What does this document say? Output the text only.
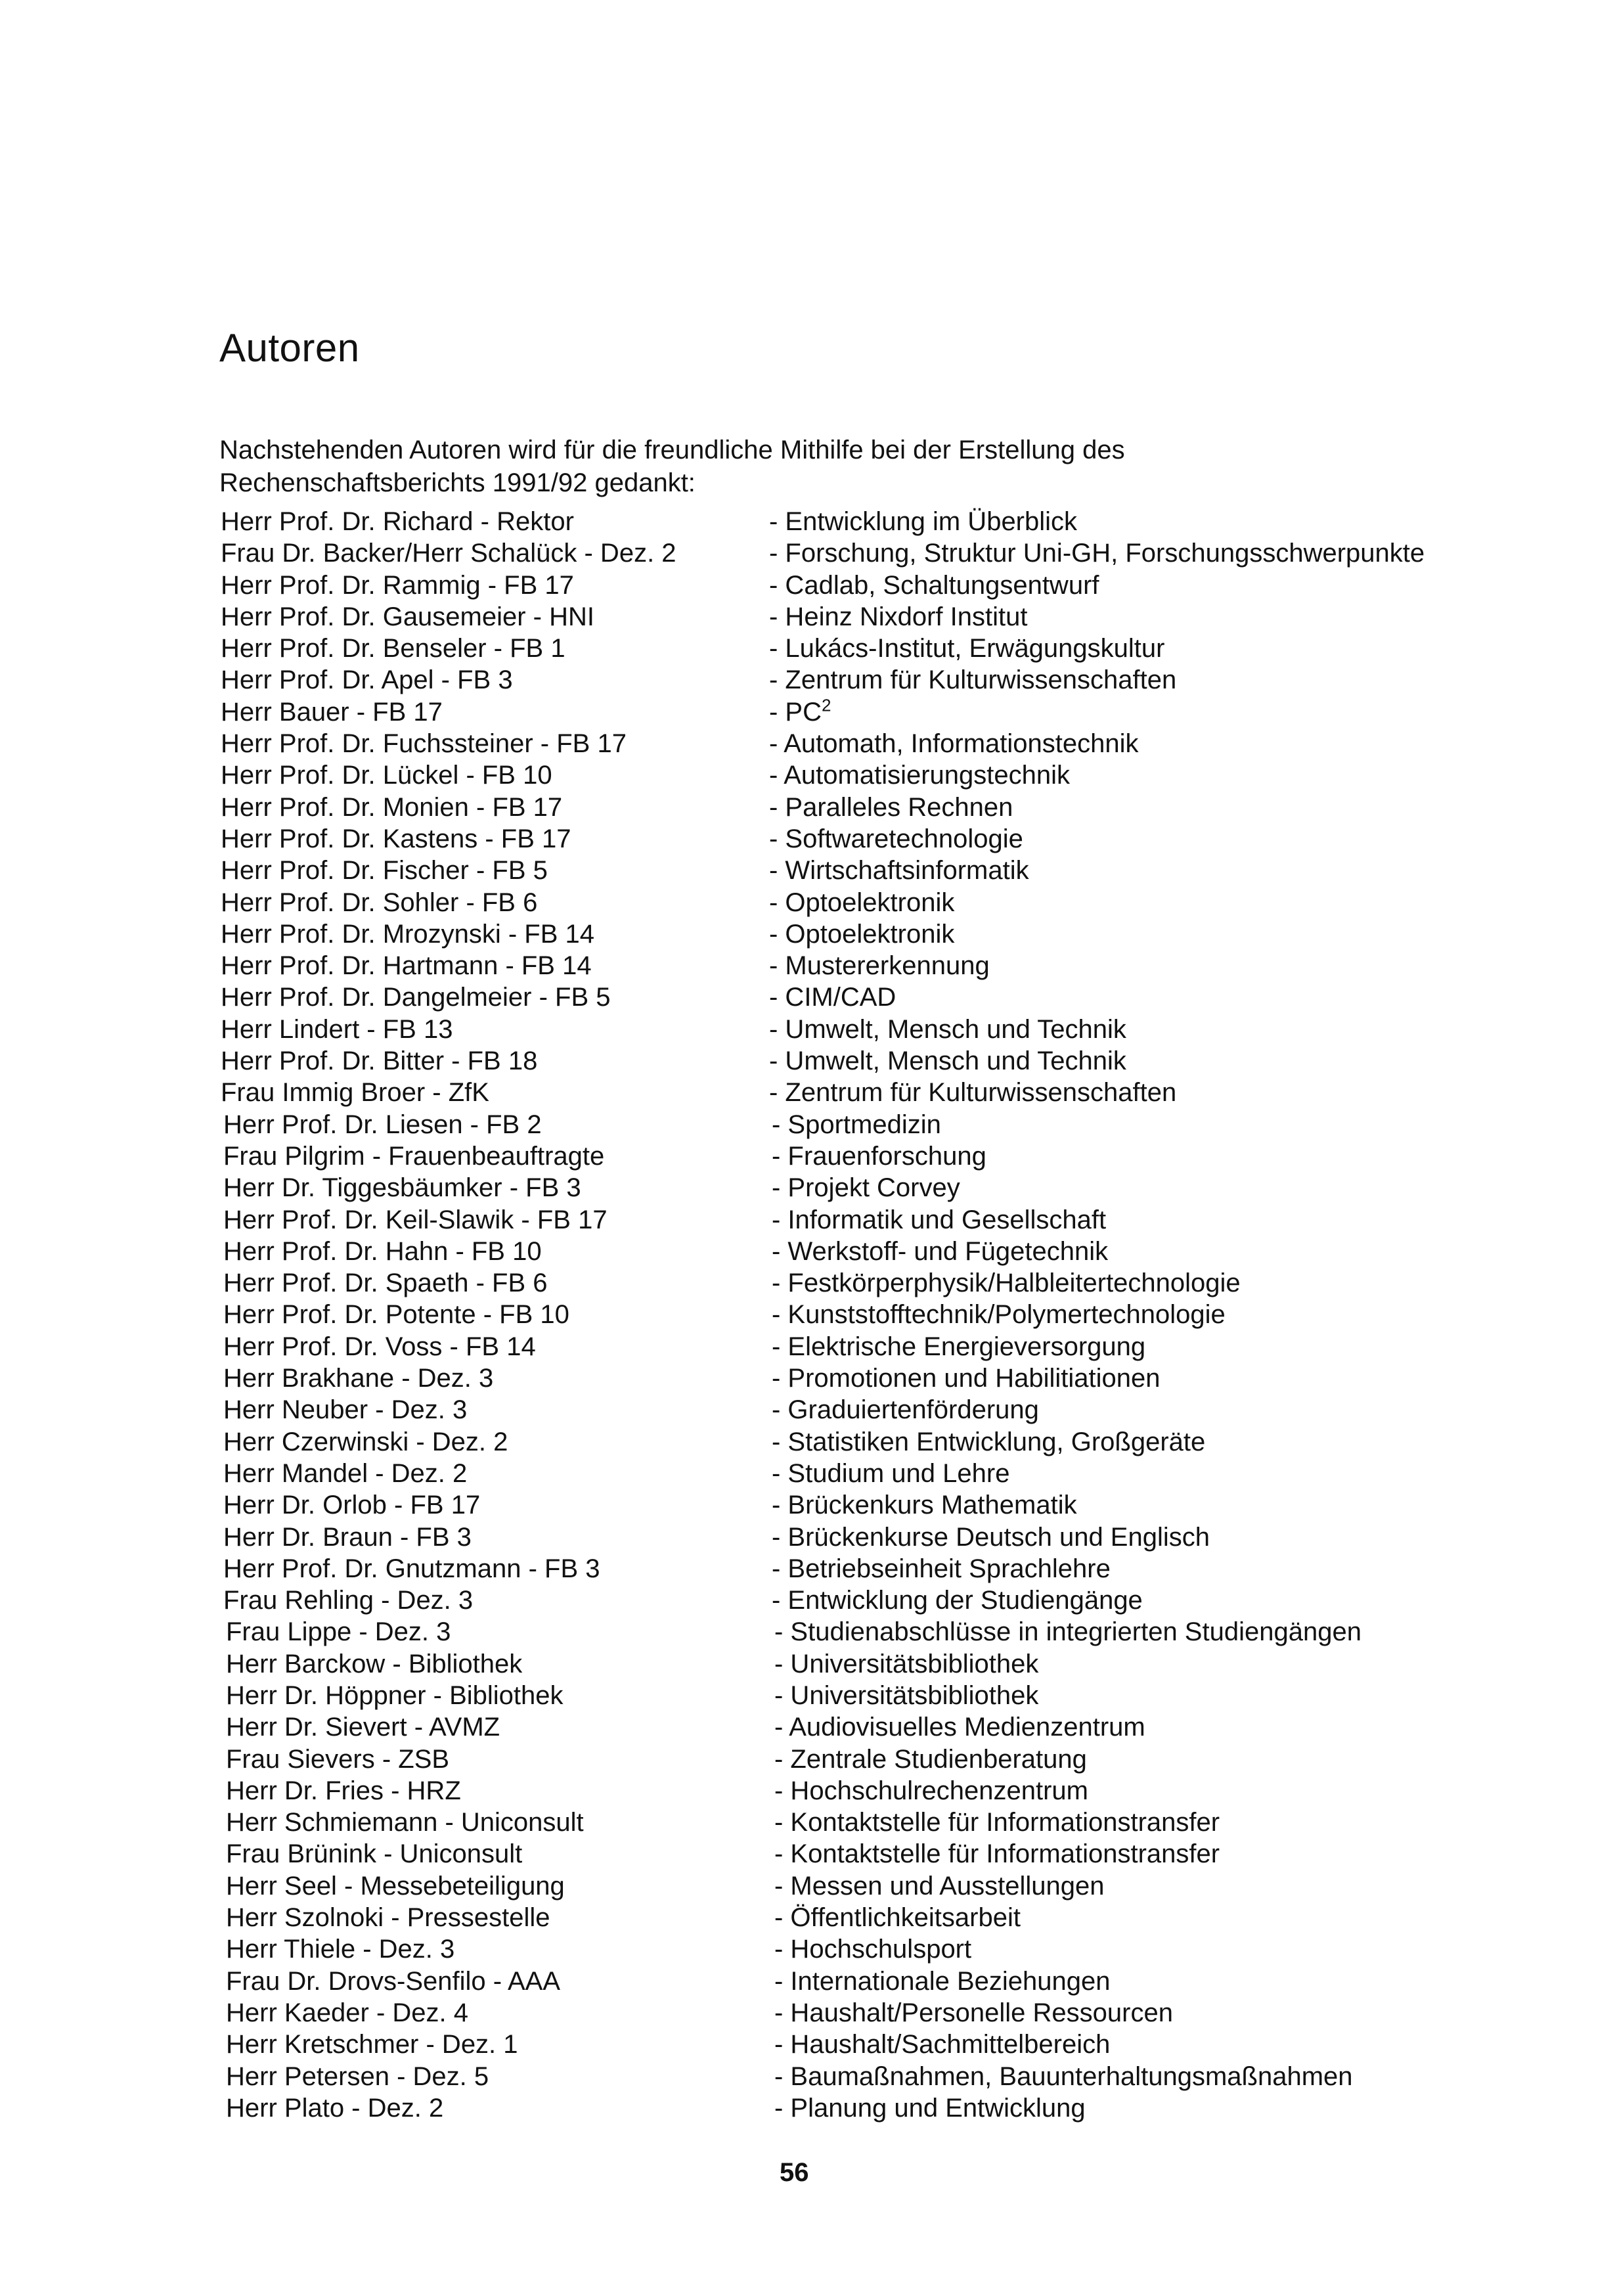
Autoren

Nachstehenden Autoren wird für die freundliche Mithilfe bei der Erstellung des Rechenschaftsberichts 1991/92 gedankt:

Herr Prof. Dr. Richard - Rektor	- Entwicklung im Überblick
Frau Dr. Backer/Herr Schalück - Dez. 2	- Forschung, Struktur Uni-GH, Forschungsschwerpunkte
Herr Prof. Dr. Rammig - FB 17	- Cadlab, Schaltungsentwurf
Herr Prof. Dr. Gausemeier - HNI	- Heinz Nixdorf Institut
Herr Prof. Dr. Benseler - FB 1	- Lukács-Institut, Erwägungskultur
Herr Prof. Dr. Apel - FB 3	- Zentrum für Kulturwissenschaften
Herr Bauer - FB 17	- $PC^2$
Herr Prof. Dr. Fuchssteiner - FB 17	- Automath, Informationstechnik
Herr Prof. Dr. Lückel - FB 10	- Automatisierungstechnik
Herr Prof. Dr. Monien - FB 17	- Paralleles Rechnen
Herr Prof. Dr. Kastens - FB 17	- Softwaretechnologie
Herr Prof. Dr. Fischer - FB 5	- Wirtschaftsinformatik
Herr Prof. Dr. Sohler - FB 6	- Optoelektronik
Herr Prof. Dr. Mrozynski - FB 14	- Optoelektronik
Herr Prof. Dr. Hartmann - FB 14	- Mustererkennung
Herr Prof. Dr. Dangelmeier - FB 5	- CIM/CAD
Herr Lindert - FB 13	- Umwelt, Mensch und Technik
Herr Prof. Dr. Bitter - FB 18	- Umwelt, Mensch und Technik
Frau Immig Broer - ZfK	- Zentrum für Kulturwissenschaften
Herr Prof. Dr. Liesen - FB 2	- Sportmedizin
Frau Pilgrim - Frauenbeauftragte	- Frauenforschung
Herr Dr. Tiggesbäumker - FB 3	- Projekt Corvey
Herr Prof. Dr. Keil-Slawik - FB 17	- Informatik und Gesellschaft
Herr Prof. Dr. Hahn - FB 10	- Werkstoff- und Fügetechnik
Herr Prof. Dr. Spaeth - FB 6	- Festkörperphysik/Halbleitertechnologie
Herr Prof. Dr. Potente - FB 10	- Kunststofftechnik/Polymertechnologie
Herr Prof. Dr. Voss - FB 14	- Elektrische Energieversorgung
Herr Brakhane - Dez. 3	- Promotionen und Habilitiationen
Herr Neuber - Dez. 3	- Graduiertenförderung
Herr Czerwinski - Dez. 2	- Statistiken Entwicklung, Großgeräte
Herr Mandel - Dez. 2	- Studium und Lehre
Herr Dr. Orlob - FB 17	- Brückenkurs Mathematik
Herr Dr. Braun - FB 3	- Brückenkurse Deutsch und Englisch
Herr Prof. Dr. Gnutzmann - FB 3	- Betriebseinheit Sprachlehre
Frau Rehling - Dez. 3	- Entwicklung der Studiengänge
Frau Lippe - Dez. 3	- Studienabschlüsse in integrierten Studiengängen
Herr Barckow - Bibliothek	- Universitätsbibliothek
Herr Dr. Höppner - Bibliothek	- Universitätsbibliothek
Herr Dr. Sievert - AVMZ	- Audiovisuelles Medienzentrum
Frau Sievers - ZSB	- Zentrale Studienberatung
Herr Dr. Fries - HRZ	- Hochschulrechenzentrum
Herr Schmiemann - Uniconsult	- Kontaktstelle für Informationstransfer
Frau Brünink - Uniconsult	- Kontaktstelle für Informationstransfer
Herr Seel - Messebeteiligung	- Messen und Ausstellungen
Herr Szolnoki - Pressestelle	- Öffentlichkeitsarbeit
Herr Thiele - Dez. 3	- Hochschulsport
Frau Dr. Drovs-Senfilo - AAA	- Internationale Beziehungen
Herr Kaeder - Dez. 4	- Haushalt/Personelle Ressourcen
Herr Kretschmer - Dez. 1	- Haushalt/Sachmittelbereich
Herr Petersen - Dez. 5	- Baumaßnahmen, Bauunterhaltungsmaßnahmen
Herr Plato - Dez. 2	- Planung und Entwicklung
56
